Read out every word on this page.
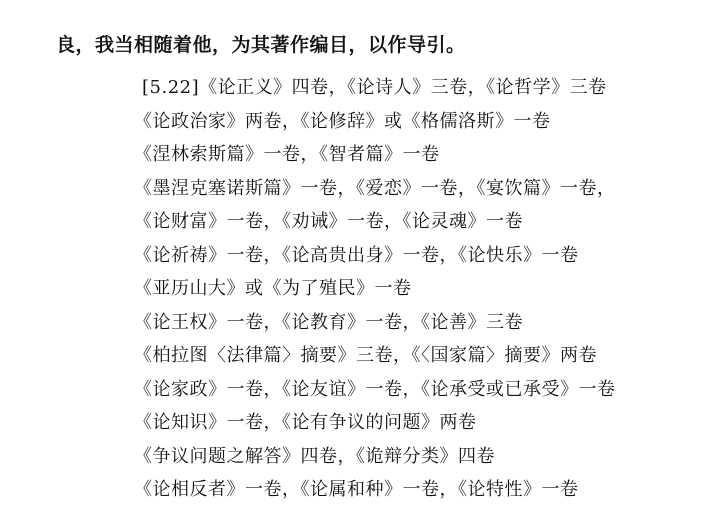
良，我当相随着他，为其著作编目，以作导引。
[5.22]《论正义》四卷，《论诗人》三卷，《论哲学》三卷
《论政治家》两卷，《论修辞》或《格儒洛斯》一卷
《涅林索斯篇》一卷，《智者篇》一卷
《墨涅克塞诺斯篇》一卷，《爱恋》一卷，《宴饮篇》一卷，
《论财富》一卷，《劝诫》一卷，《论灵魂》一卷
《论祈祷》一卷，《论高贵出身》一卷，《论快乐》一卷
《亚历山大》或《为了殖民》一卷
《论王权》一卷，《论教育》一卷，《论善》三卷
《柏拉图〈法律篇〉摘要》三卷，《〈国家篇〉摘要》两卷
《论家政》一卷，《论友谊》一卷，《论承受或已承受》一卷
《论知识》一卷，《论有争议的问题》两卷
《争议问题之解答》四卷，《诡辩分类》四卷
《论相反者》一卷，《论属和种》一卷，《论特性》一卷
